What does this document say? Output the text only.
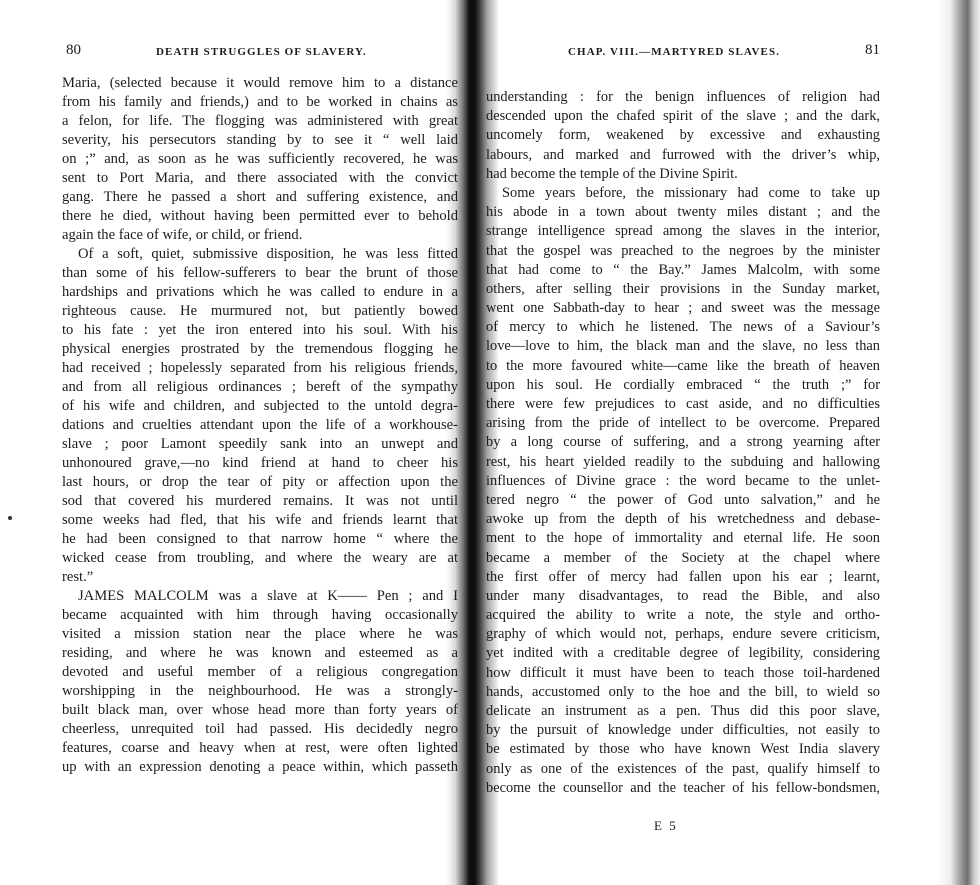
80	DEATH STRUGGLES OF SLAVERY.
Maria, (selected because it would remove him to a distance
from his family and friends,) and to be worked in chains as
a felon, for life. The flogging was administered with great
severity, his persecutors standing by to see it “ well laid
on ;” and, as soon as he was sufficiently recovered, he was
sent to Port Maria, and there associated with the convict
gang. There he passed a short and suffering existence, and
there he died, without having been permitted ever to behold
again the face of wife, or child, or friend.
Of a soft, quiet, submissive disposition, he was less fitted
than some of his fellow-sufferers to bear the brunt of those
hardships and privations which he was called to endure in a
righteous cause. He murmured not, but patiently bowed
to his fate : yet the iron entered into his soul. With his
physical energies prostrated by the tremendous flogging he
had received ; hopelessly separated from his religious friends,
and from all religious ordinances ; bereft of the sympathy
of his wife and children, and subjected to the untold degra-
dations and cruelties attendant upon the life of a workhouse-
slave ; poor Lamont speedily sank into an unwept and
unhonoured grave,—no kind friend at hand to cheer his
last hours, or drop the tear of pity or affection upon the
sod that covered his murdered remains. It was not until
some weeks had fled, that his wife and friends learnt that
he had been consigned to that narrow home “ where the
wicked cease from troubling, and where the weary are at
rest.”
JAMES MALCOLM was a slave at K—— Pen ; and I
became acquainted with him through having occasionally
visited a mission station near the place where he was
residing, and where he was known and esteemed as a
devoted and useful member of a religious congregation
worshipping in the neighbourhood. He was a strongly-
built black man, over whose head more than forty years of
cheerless, unrequited toil had passed. His decidedly negro
features, coarse and heavy when at rest, were often lighted
up with an expression denoting a peace within, which passeth
CHAP. VIII.—MARTYRED SLAVES.	81
understanding : for the benign influences of religion had
descended upon the chafed spirit of the slave ; and the dark,
uncomely form, weakened by excessive and exhausting
labours, and marked and furrowed with the driver’s whip,
had become the temple of the Divine Spirit.
Some years before, the missionary had come to take up
his abode in a town about twenty miles distant ; and the
strange intelligence spread among the slaves in the interior,
that the gospel was preached to the negroes by the minister
that had come to “ the Bay.” James Malcolm, with some
others, after selling their provisions in the Sunday market,
went one Sabbath-day to hear ; and sweet was the message
of mercy to which he listened. The news of a Saviour’s
love—love to him, the black man and the slave, no less than
to the more favoured white—came like the breath of heaven
upon his soul. He cordially embraced “ the truth ;” for
there were few prejudices to cast aside, and no difficulties
arising from the pride of intellect to be overcome. Prepared
by a long course of suffering, and a strong yearning after
rest, his heart yielded readily to the subduing and hallowing
influences of Divine grace : the word became to the unlet-
tered negro “ the power of God unto salvation,” and he
awoke up from the depth of his wretchedness and debase-
ment to the hope of immortality and eternal life. He soon
became a member of the Society at the chapel where
the first offer of mercy had fallen upon his ear ; learnt,
under many disadvantages, to read the Bible, and also
acquired the ability to write a note, the style and ortho-
graphy of which would not, perhaps, endure severe criticism,
yet indited with a creditable degree of legibility, considering
how difficult it must have been to teach those toil-hardened
hands, accustomed only to the hoe and the bill, to wield so
delicate an instrument as a pen. Thus did this poor slave,
by the pursuit of knowledge under difficulties, not easily to
be estimated by those who have known West India slavery
only as one of the existences of the past, qualify himself to
become the counsellor and the teacher of his fellow-bondsmen,
E 5
